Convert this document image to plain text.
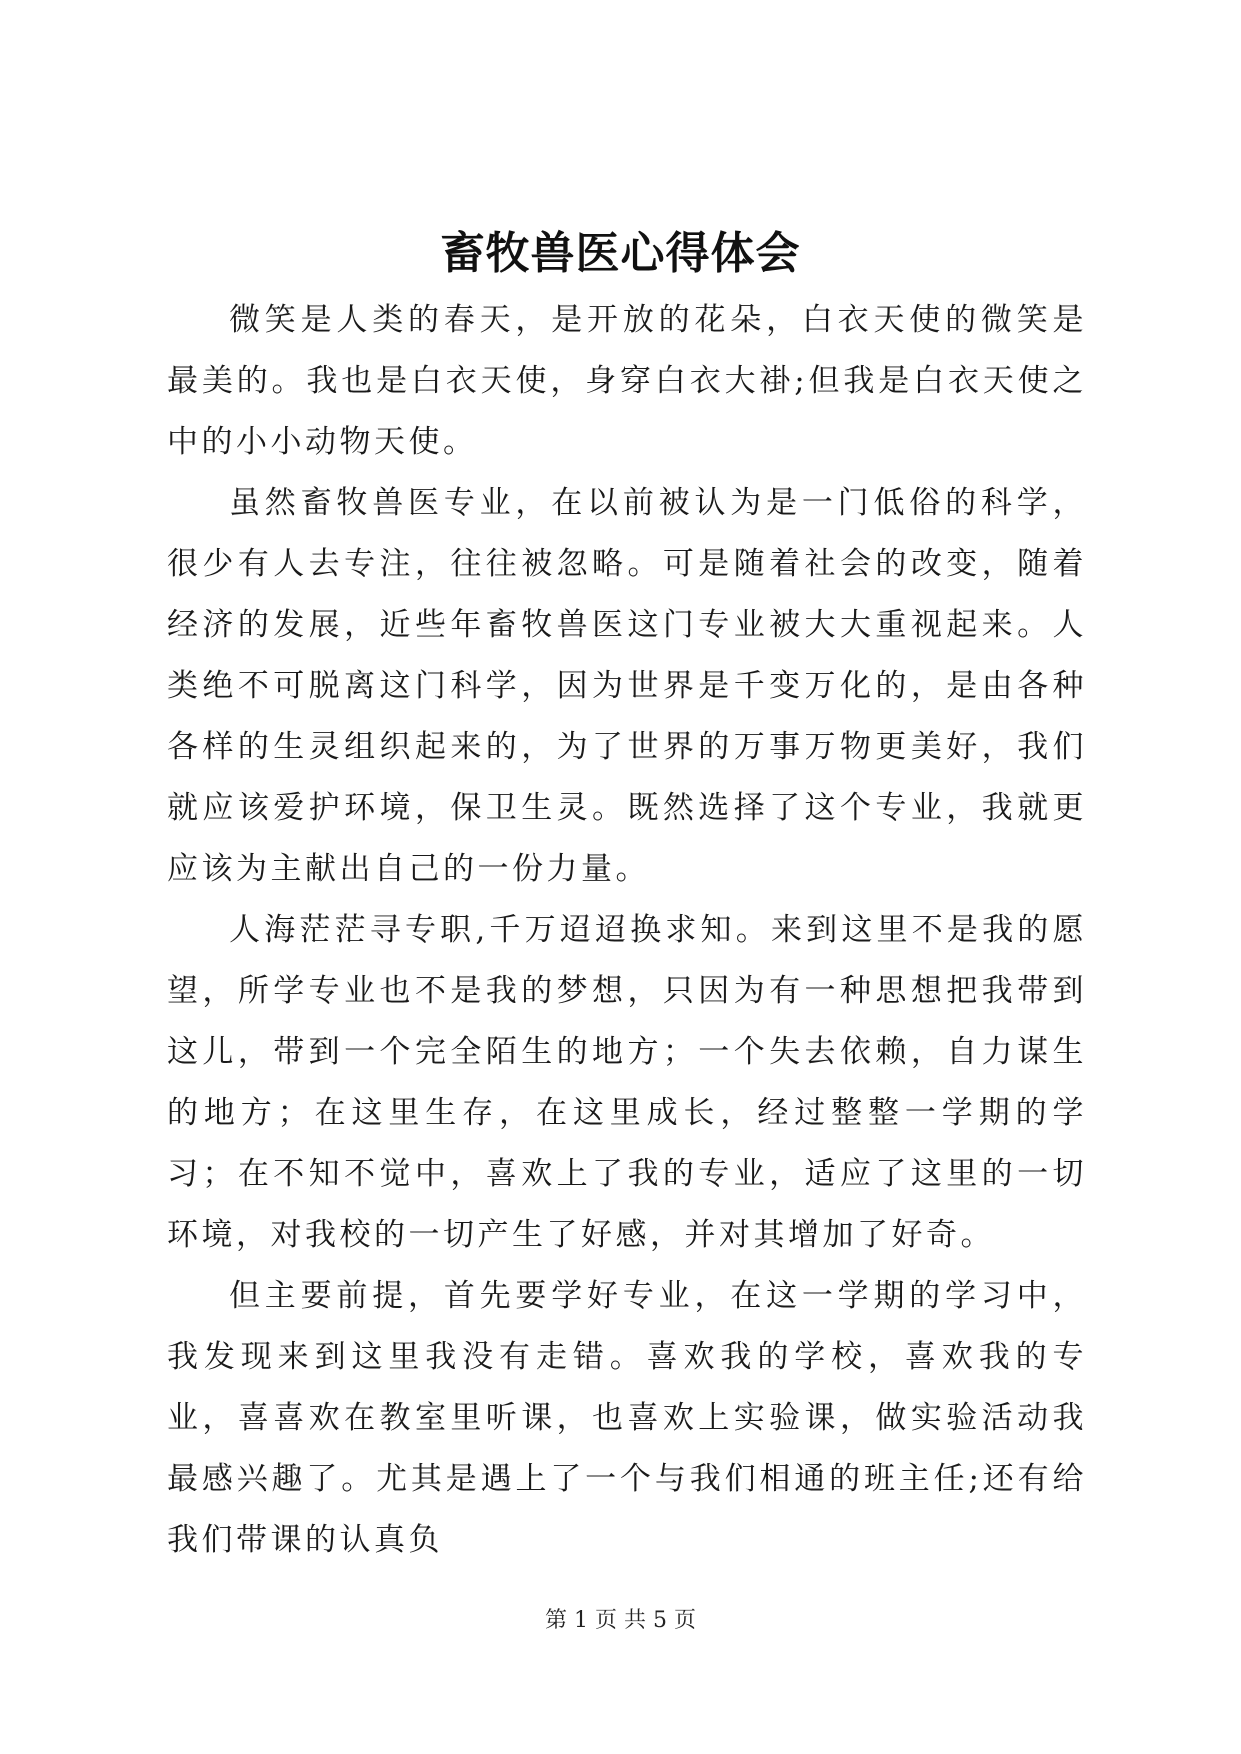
畜牧兽医心得体会

微笑是人类的春天，是开放的花朵，白衣天使的微笑是最美的。我也是白衣天使，身穿白衣大褂;但我是白衣天使之中的小小动物天使。

虽然畜牧兽医专业，在以前被认为是一门低俗的科学，很少有人去专注，往往被忽略。可是随着社会的改变，随着经济的发展，近些年畜牧兽医这门专业被大大重视起来。人类绝不可脱离这门科学，因为世界是千变万化的，是由各种各样的生灵组织起来的，为了世界的万事万物更美好，我们就应该爱护环境，保卫生灵。既然选择了这个专业，我就更应该为主献出自己的一份力量。

人海茫茫寻专职,千万迢迢换求知。来到这里不是我的愿望，所学专业也不是我的梦想，只因为有一种思想把我带到这儿，带到一个完全陌生的地方；一个失去依赖，自力谋生的地方；在这里生存，在这里成长，经过整整一学期的学习；在不知不觉中，喜欢上了我的专业，适应了这里的一切环境，对我校的一切产生了好感，并对其增加了好奇。

但主要前提，首先要学好专业，在这一学期的学习中，我发现来到这里我没有走错。喜欢我的学校，喜欢我的专业，喜喜欢在教室里听课，也喜欢上实验课，做实验活动我最感兴趣了。尤其是遇上了一个与我们相通的班主任;还有给我们带课的认真负

第 1 页 共 5 页
